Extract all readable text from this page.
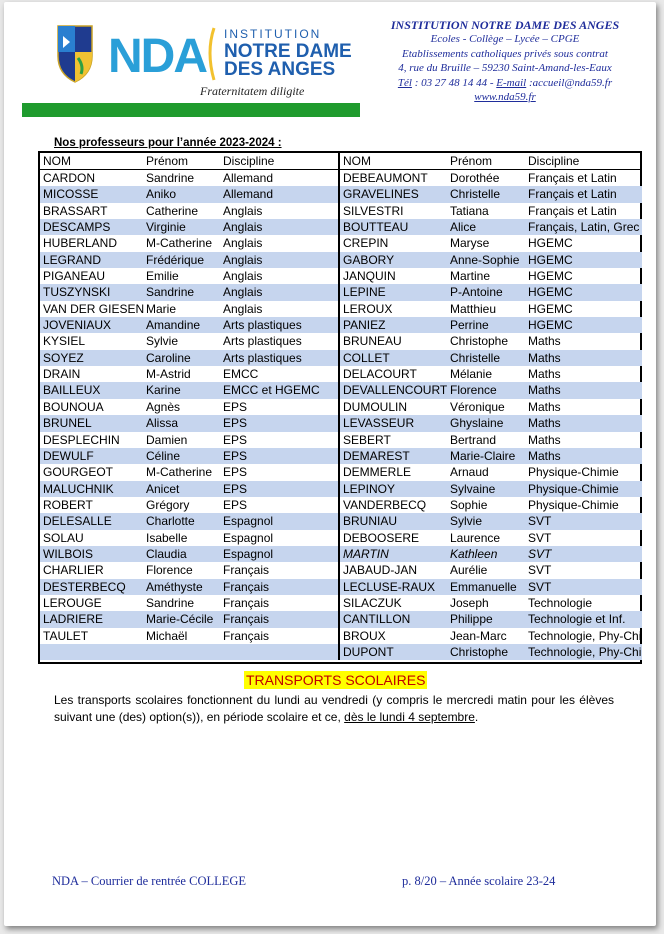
NDA INSTITUTION
NOTRE DAME
DES ANGES
Fraternitatem diligite
INSTITUTION NOTRE DAME DES ANGES
Ecoles - Collège – Lycée – CPGE
Etablissements catholiques privés sous contrat
4, rue du Bruille – 59230 Saint-Amand-les-Eaux
Tél : 03 27 48 14 44 - E-mail :accueil@nda59.fr
www.nda59.fr
Nos professeurs pour l’année 2023-2024 :
NOM	Prénom	Discipline
CARDON	Sandrine	Allemand
MICOSSE	Aniko	Allemand
BRASSART	Catherine	Anglais
DESCAMPS	Virginie	Anglais
HUBERLAND	M-Catherine Anglais
LEGRAND	Frédérique	Anglais
PIGANEAU	Emilie	Anglais
TUSZYNSKI	Sandrine	Anglais
VAN DER GIESEN Marie	Anglais
JOVENIAUX	Amandine	Arts plastiques
KYSIEL	Sylvie	Arts plastiques
SOYEZ	Caroline	Arts plastiques
DRAIN	M-Astrid	EMCC
BAILLEUX	Karine	EMCC et HGEMC
BOUNOUA	Agnès	EPS
BRUNEL	Alissa	EPS
DESPLECHIN	Damien	EPS
DEWULF	Céline	EPS
GOURGEOT	M-Catherine EPS
MALUCHNIK	Anicet	EPS
ROBERT	Grégory	EPS
DELESALLE	Charlotte	Espagnol
SOLAU	Isabelle	Espagnol
WILBOIS	Claudia	Espagnol
CHARLIER	Florence	Français
DESTERBECQ	Améthyste	Français
LEROUGE	Sandrine	Français
LADRIERE	Marie-Cécile Français
TAULET	Michaël	Français
NOM	Prénom	Discipline
DEBEAUMONT	Dorothée	Français et Latin
GRAVELINES	Christelle	Français et Latin
SILVESTRI	Tatiana	Français et Latin
BOUTTEAU	Alice	Français, Latin, Grec
CREPIN	Maryse	HGEMC
GABORY	Anne-Sophie HGEMC
JANQUIN	Martine	HGEMC
LEPINE	P-Antoine	HGEMC
LEROUX	Matthieu	HGEMC
PANIEZ	Perrine	HGEMC
BRUNEAU	Christophe	Maths
COLLET	Christelle	Maths
DELACOURT	Mélanie	Maths
DEVALLENCOURT Florence	Maths
DUMOULIN	Véronique	Maths
LEVASSEUR	Ghyslaine	Maths
SEBERT	Bertrand	Maths
DEMAREST	Marie-Claire	Maths
DEMMERLE	Arnaud	Physique-Chimie
LEPINOY	Sylvaine	Physique-Chimie
VANDERBECQ	Sophie	Physique-Chimie
BRUNIAU	Sylvie	SVT
DEBOOSERE	Laurence	SVT
MARTIN	Kathleen	SVT
JABAUD-JAN	Aurélie	SVT
LECLUSE-RAUX	Emmanuelle SVT
SILACZUK	Joseph	Technologie
CANTILLON	Philippe	Technologie et Inf.
BROUX	Jean-Marc	Technologie, Phy-Chi
DUPONT	Christophe	Technologie, Phy-Chi
TRANSPORTS SCOLAIRES
Les transports scolaires fonctionnent du lundi au vendredi (y compris le mercredi matin pour les élèves suivant une (des) option(s)), en période scolaire et ce, dès le lundi 4 septembre.
NDA – Courrier de rentrée COLLEGE	p. 8/20 – Année scolaire 23-24
